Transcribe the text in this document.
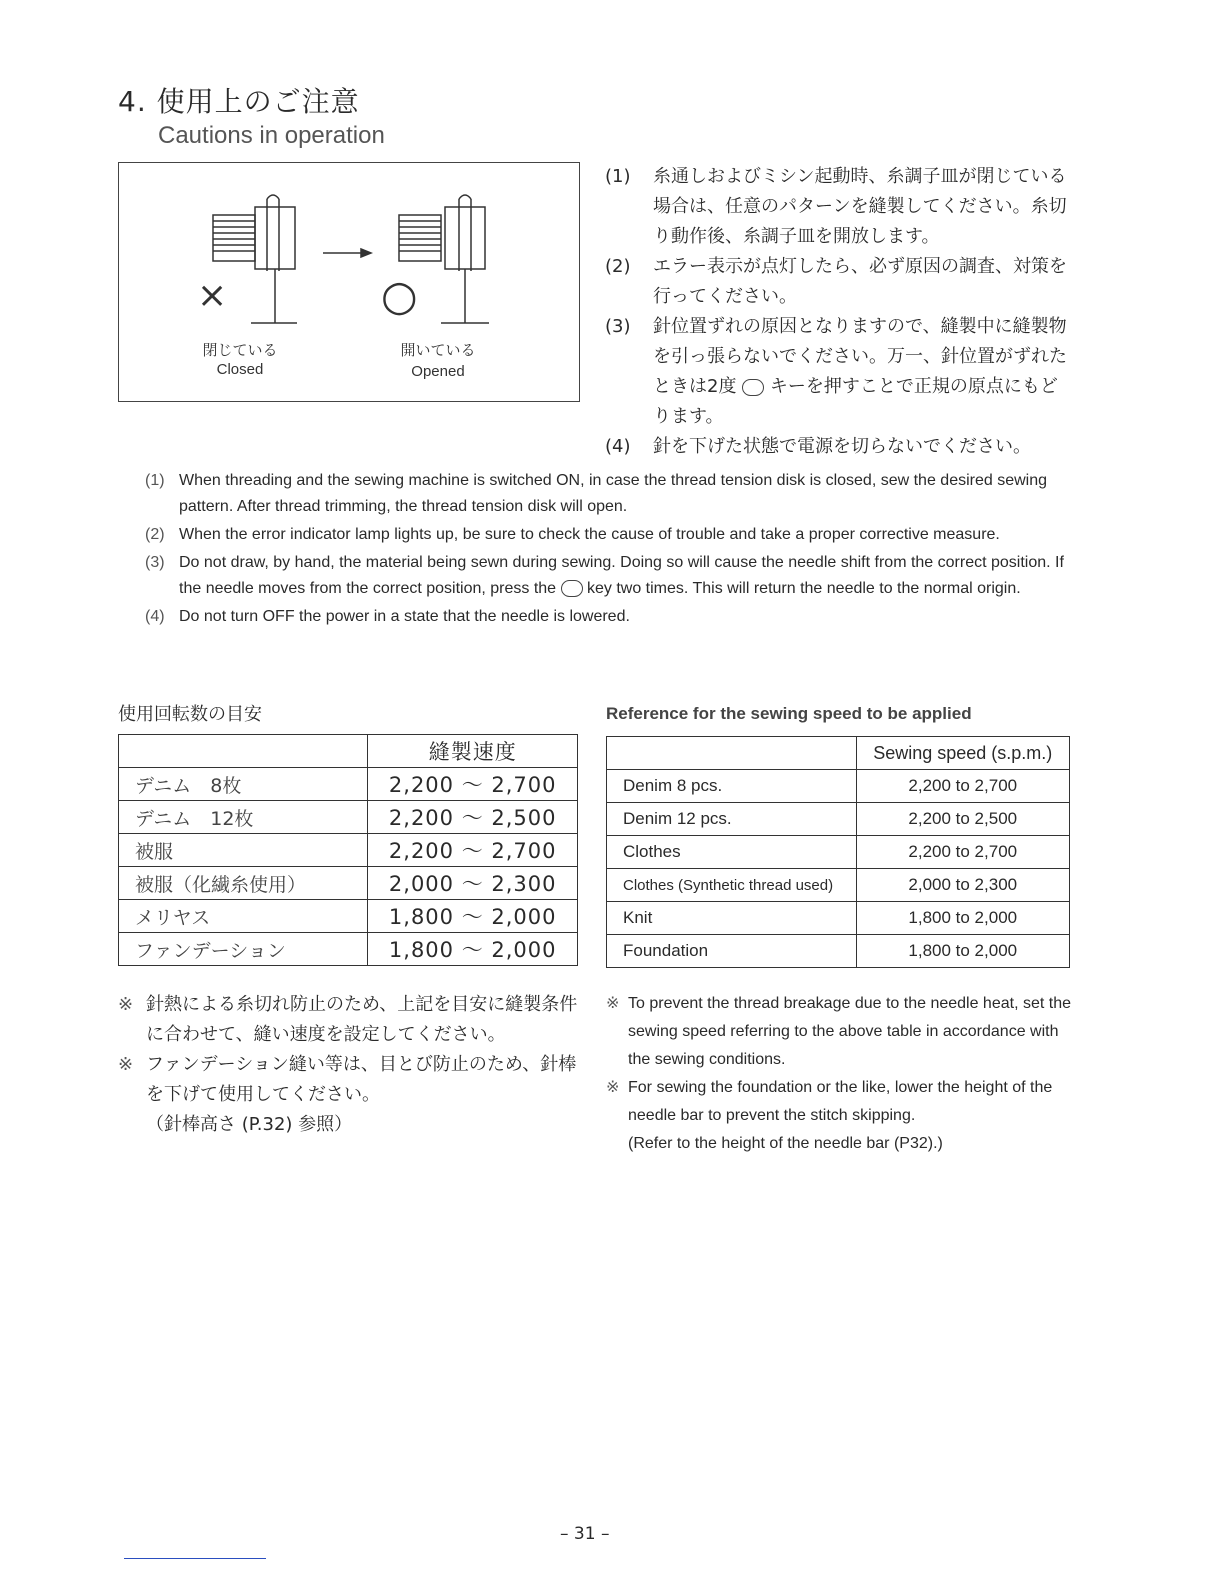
4. 使用上のご注意
Cautions in operation
×	○
閉じている
Closed
開いている
Opened
(1) 糸通しおよびミシン起動時、糸調子皿が閉じている場合は、任意のパターンを縫製してください。糸切り動作後、糸調子皿を開放します。
(2) エラー表示が点灯したら、必ず原因の調査、対策を行ってください。
(3) 針位置ずれの原因となりますので、縫製中に縫製物を引っ張らないでください。万一、針位置がずれたときは2度 キーを押すことで正規の原点にもどります。
(4) 針を下げた状態で電源を切らないでください。
(1) When threading and the sewing machine is switched ON, in case the thread tension disk is closed, sew the desired sewing pattern. After thread trimming, the thread tension disk will open.
(2) When the error indicator lamp lights up, be sure to check the cause of trouble and take a proper corrective measure.
(3) Do not draw, by hand, the material being sewn during sewing. Doing so will cause the needle shift from the correct position. If the needle moves from the correct position, press the key two times. This will return the needle to the normal origin.
(4) Do not turn OFF the power in a state that the needle is lowered.
使用回転数の目安	Reference for the sewing speed to be applied
	縫製速度
デニム　8枚	2,200 ～ 2,700
デニム　12枚	2,200 ～ 2,500
被服	2,200 ～ 2,700
被服（化繊糸使用）	2,000 ～ 2,300
メリヤス	1,800 ～ 2,000
ファンデーション	1,800 ～ 2,000
	Sewing speed (s.p.m.)
Denim 8 pcs.	2,200 to 2,700
Denim 12 pcs.	2,200 to 2,500
Clothes	2,200 to 2,700
Clothes (Synthetic thread used)	2,000 to 2,300
Knit	1,800 to 2,000
Foundation	1,800 to 2,000
※ 針熱による糸切れ防止のため、上記を目安に縫製条件に合わせて、縫い速度を設定してください。
※ ファンデーション縫い等は、目とび防止のため、針棒を下げて使用してください。
（針棒高さ (P.32) 参照）
※ To prevent the thread breakage due to the needle heat, set the sewing speed referring to the above table in accordance with the sewing conditions.
※ For sewing the foundation or the like, lower the height of the needle bar to prevent the stitch skipping.
(Refer to the height of the needle bar (P32).)
– 31 –
